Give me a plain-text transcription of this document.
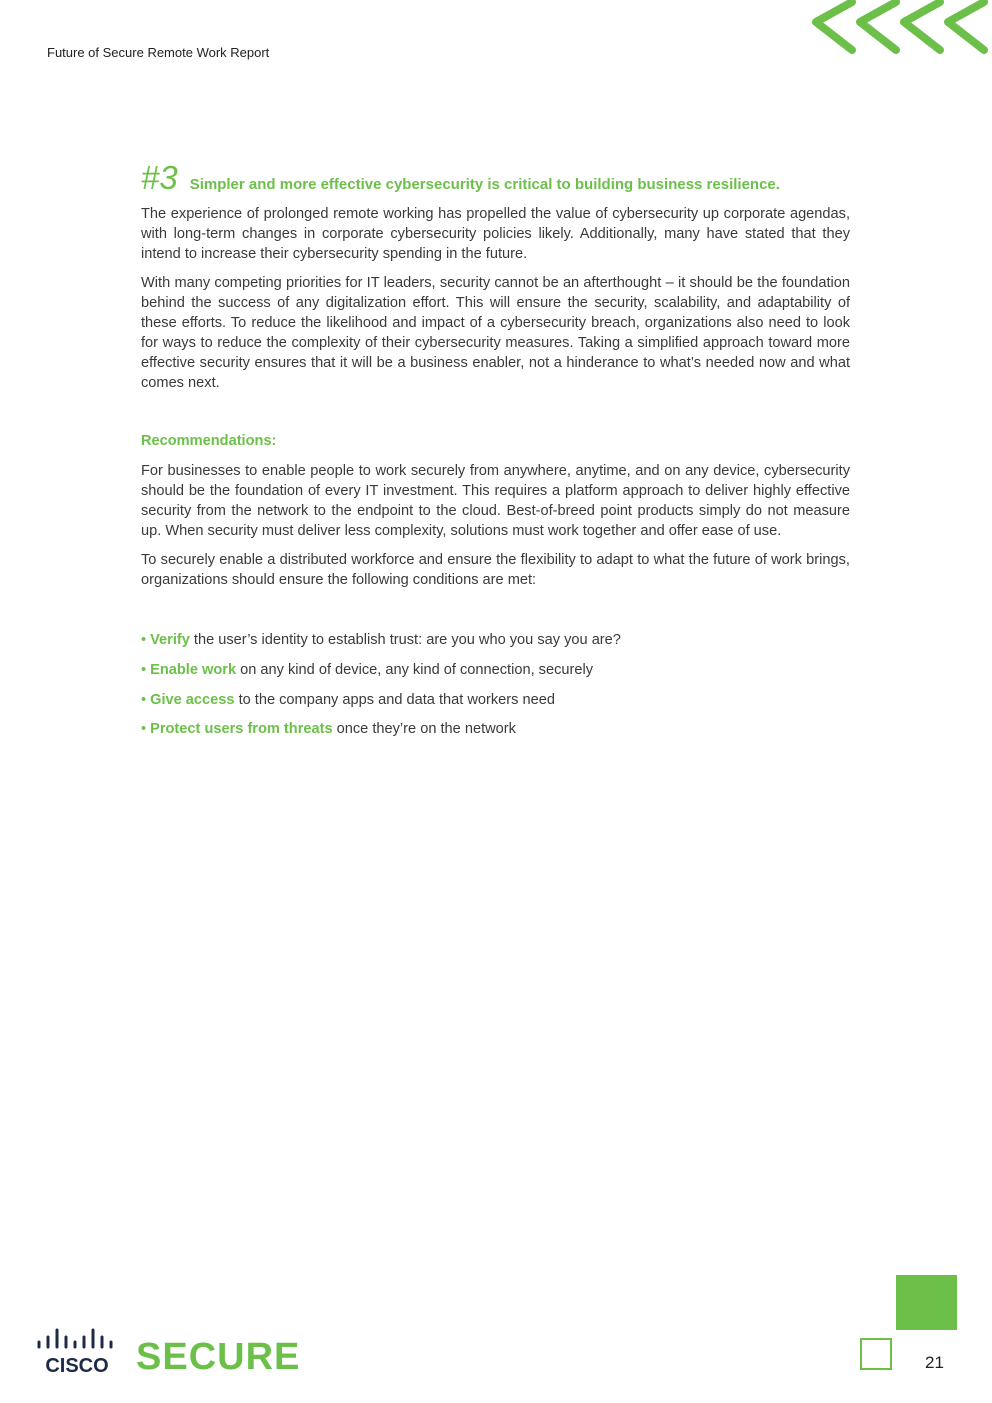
Future of Secure Remote Work Report
#3 Simpler and more effective cybersecurity is critical to building business resilience.

The experience of prolonged remote working has propelled the value of cybersecurity up corporate agendas, with long-term changes in corporate cybersecurity policies likely. Additionally, many have stated that they intend to increase their cybersecurity spending in the future.

With many competing priorities for IT leaders, security cannot be an afterthought – it should be the foundation behind the success of any digitalization effort. This will ensure the security, scalability, and adaptability of these efforts. To reduce the likelihood and impact of a cybersecurity breach, organizations also need to look for ways to reduce the complexity of their cybersecurity measures. Taking a simplified approach toward more effective security ensures that it will be a business enabler, not a hinderance to what’s needed now and what comes next.

Recommendations:

For businesses to enable people to work securely from anywhere, anytime, and on any device, cybersecurity should be the foundation of every IT investment. This requires a platform approach to deliver highly effective security from the network to the endpoint to the cloud. Best-of-breed point products simply do not measure up. When security must deliver less complexity, solutions must work together and offer ease of use.

To securely enable a distributed workforce and ensure the flexibility to adapt to what the future of work brings, organizations should ensure the following conditions are met:

• Verify the user’s identity to establish trust: are you who you say you are?
• Enable work on any kind of device, any kind of connection, securely
• Give access to the company apps and data that workers need
• Protect users from threats once they’re on the network
21
CISCO SECURE
